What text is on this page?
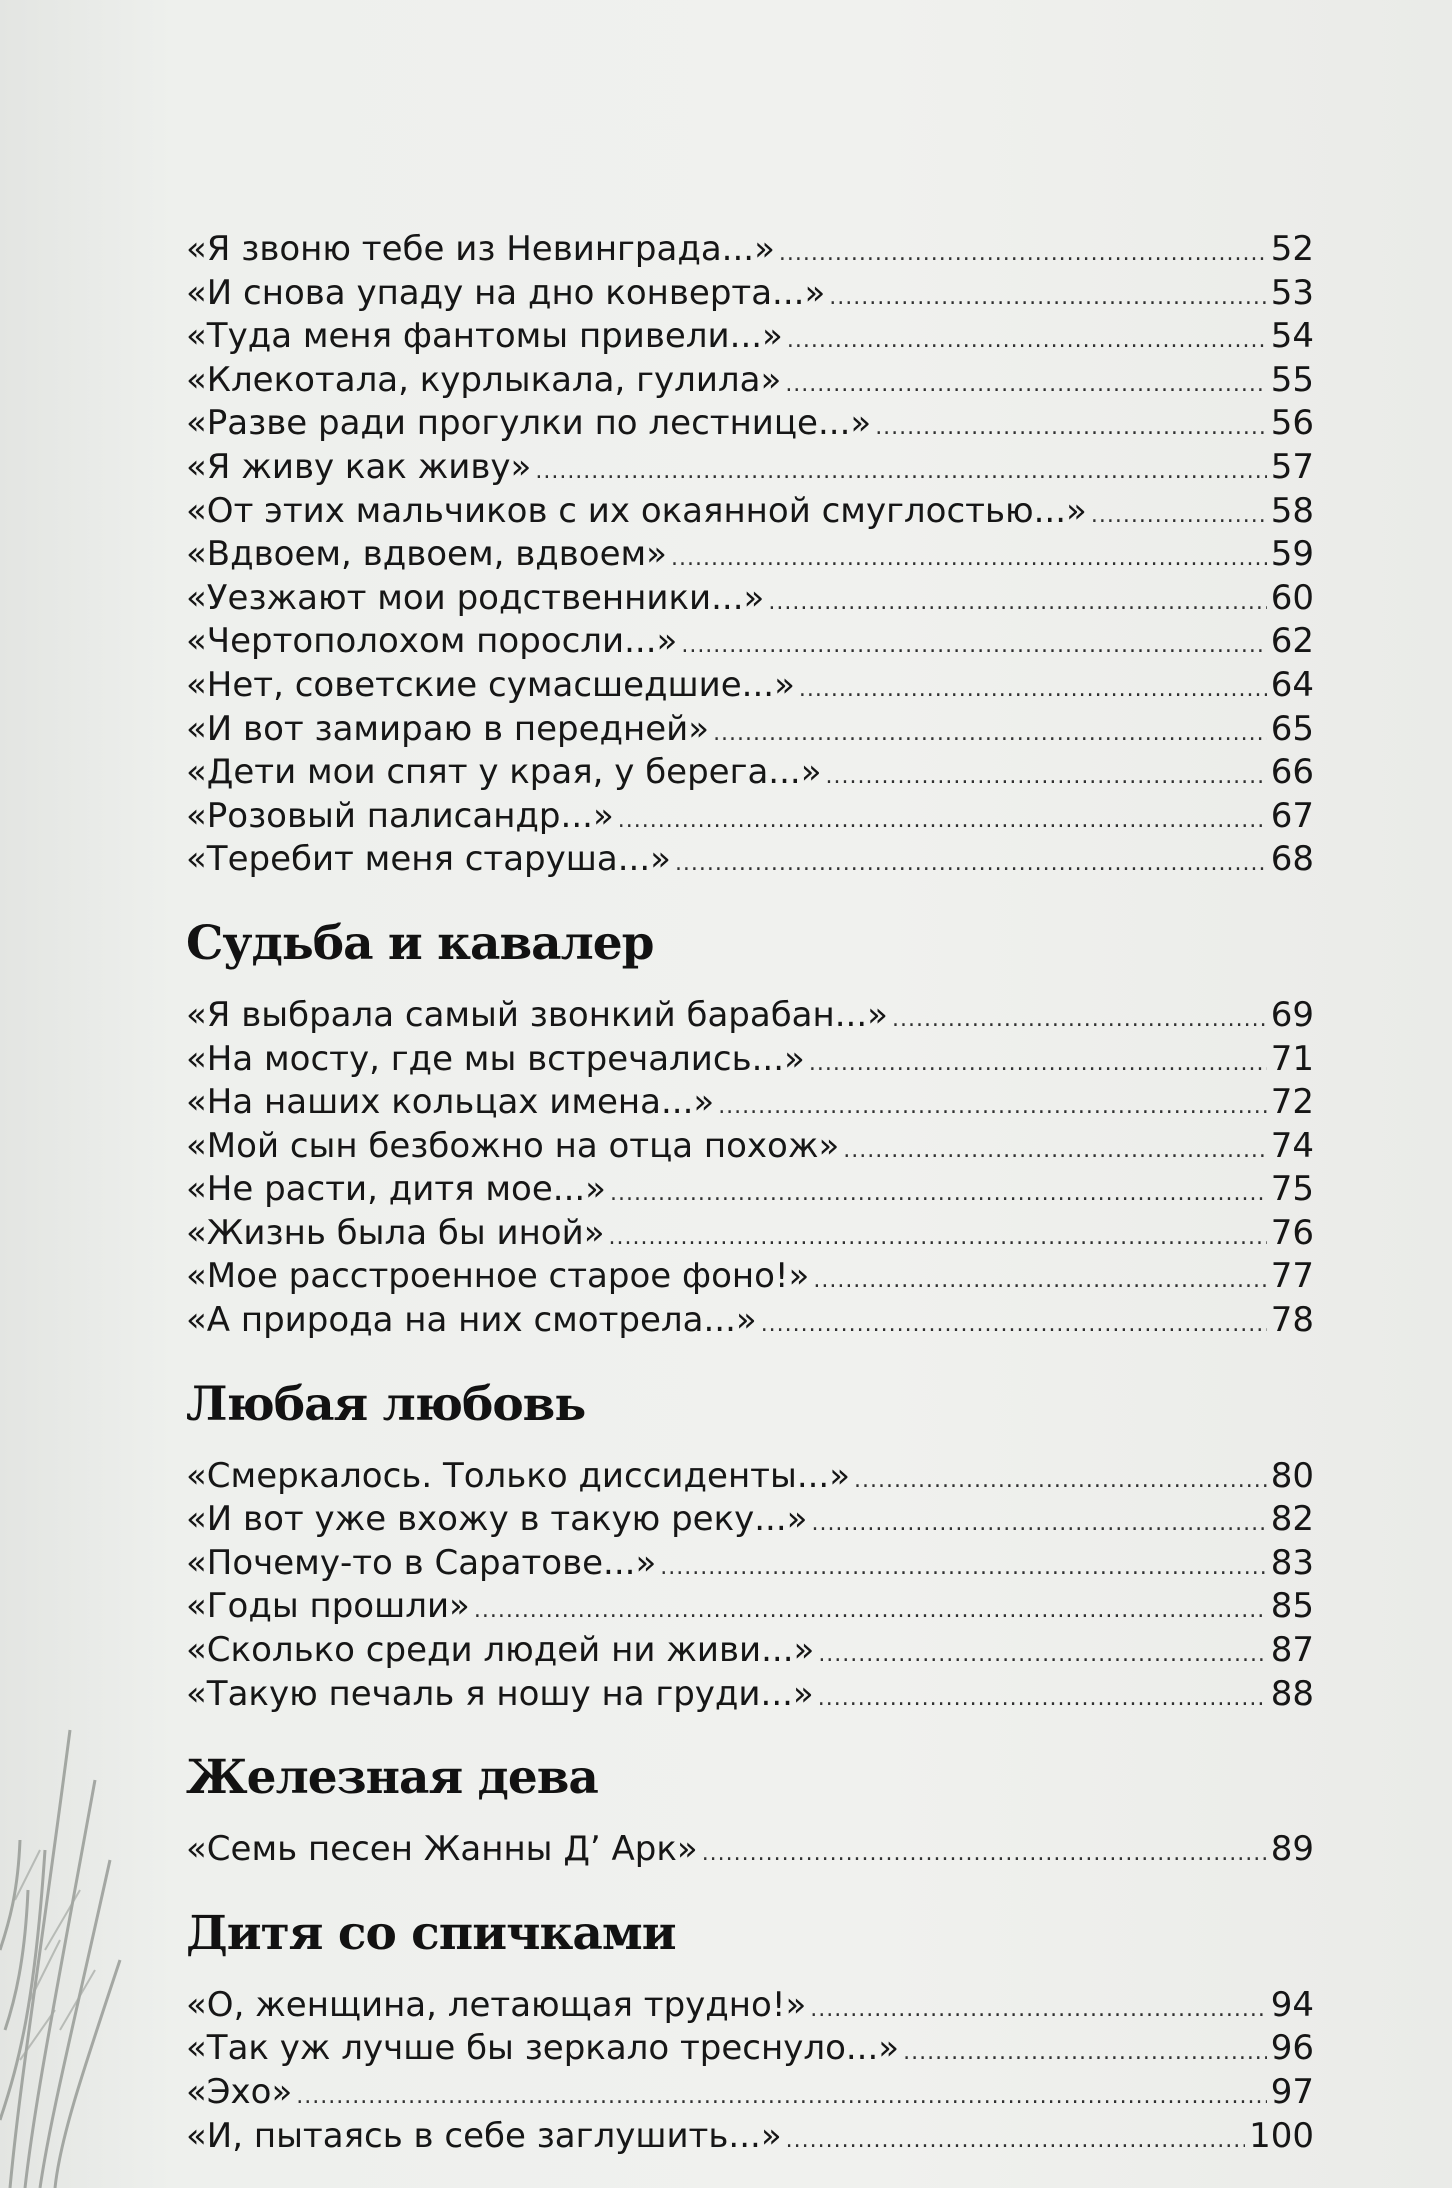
«Я звоню тебе из Невинграда...» .....	52
«И снова упаду на дно конверта...» .....	53
«Туда меня фантомы привели...» .....	54
«Клекотала, курлыкала, гулила» .....	55
«Разве ради прогулки по лестнице...» .....	56
«Я живу как живу» .....	57
«От этих мальчиков с их окаянной смуглостью...» .....	58
«Вдвоем, вдвоем, вдвоем» .....	59
«Уезжают мои родственники...» .....	60
«Чертополохом поросли...» .....	62
«Нет, советские сумасшедшие...» .....	64
«И вот замираю в передней» .....	65
«Дети мои спят у края, у берега...» .....	66
«Розовый палисандр...» .....	67
«Теребит меня старуша...» .....	68
Судьба и кавалер
«Я выбрала самый звонкий барабан...» .....	69
«На мосту, где мы встречались...» .....	71
«На наших кольцах имена...» .....	72
«Мой сын безбожно на отца похож» .....	74
«Не расти, дитя мое...» .....	75
«Жизнь была бы иной» .....	76
«Мое расстроенное старое фоно!» .....	77
«А природа на них смотрела...» .....	78
Любая любовь
«Смеркалось. Только диссиденты...» .....	80
«И вот уже вхожу в такую реку...» .....	82
«Почему-то в Саратове...» .....	83
«Годы прошли» .....	85
«Сколько среди людей ни живи...» .....	87
«Такую печаль я ношу на груди...» .....	88
Железная дева
«Семь песен Жанны Д’ Арк» .....	89
Дитя со спичками
«О, женщина, летающая трудно!» .....	94
«Так уж лучше бы зеркало треснуло...» .....	96
«Эхо» .....	97
«И, пытаясь в себе заглушить...» .....	100
